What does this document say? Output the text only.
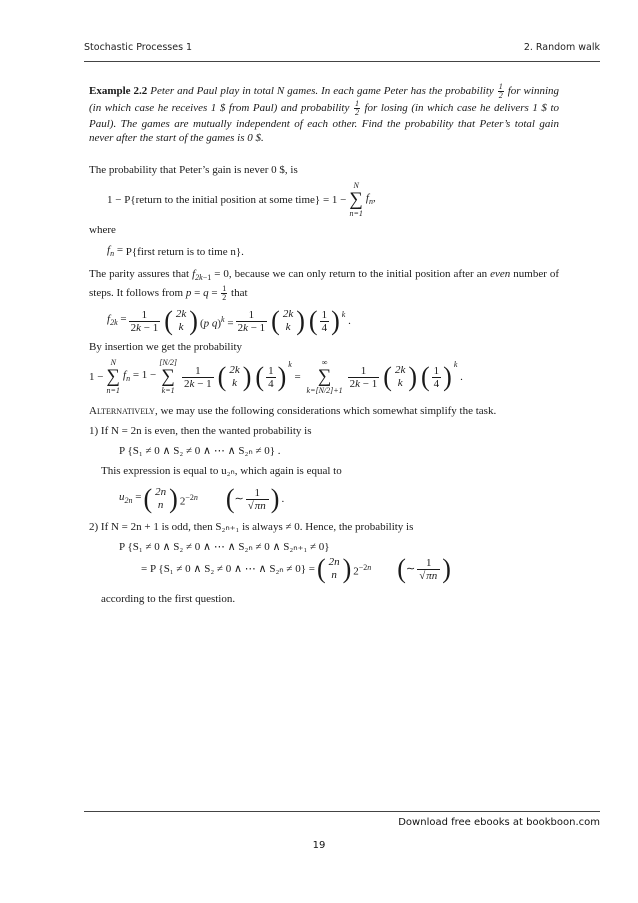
Stochastic Processes 1	2. Random walk

Example 2.2 Peter and Paul play in total N games. In each game Peter has the probability $\frac{1}{2}$ for winning (in which case he receives 1 $ from Paul) and probability $\frac{1}{2}$ for losing (in which case he delivers 1 $ to Paul). The games are mutually independent of each other. Find the probability that Peter’s total gain never after the start of the games is 0 $.

The probability that Peter’s gain is never 0 $, is

1 − P{return to the initial position at some time} = 1 −
N
∑
n=1
$f_n$,

where

$f_n$ = P{first return is to time n}.

The parity assures that $f_{2k-1} = 0$, because we can only return to the initial position after an even number of steps. It follows from $p = q = \frac{1}{2}$ that

$f_{2k} = \frac{1}{2k - 1}$ ( 2k
k ) (p $q)^k = \frac{1}{2k - 1}$ ( 2k
k ) ( $\frac{1}{4}$ ) $^k$
.

By insertion we get the probability

1 −
N
∑
n=1
$f_n = 1$ −
[N/2]
∑
k=1
$\frac{1}{2k - 1}$ ( 2k
k ) ( $\frac{1}{4}$ ) $^k$
=
∞
∑
k=[N/2]+1
$\frac{1}{2k - 1}$ ( 2k
k ) ( $\frac{1}{4}$ ) $^k$
.

Alternatively, we may use the following considerations which somewhat simplify the task.

1) If N = 2n is even, then the wanted probability is

P {S₁ ≠ 0 ∧ S₂ ≠ 0 ∧ ⋯ ∧ S₂ₙ ≠ 0} .

This expression is equal to u₂ₙ, which again is equal to

$u_{2n}$ = ( 2n
n ) $2^{-2n}$ ( ∼ $\frac{1}{√\pi n}$ ) .

2) If N = 2n + 1 is odd, then S₂ₙ₊₁ is always ≠ 0. Hence, the probability is

P {S₁ ≠ 0 ∧ S₂ ≠ 0 ∧ ⋯ ∧ S₂ₙ ≠ 0 ∧ S₂ₙ₊₁ ≠ 0}
= P {S₁ ≠ 0 ∧ S₂ ≠ 0 ∧ ⋯ ∧ S₂ₙ ≠ 0} = ( 2n
n ) $2^{-2n}$ ( ∼ $\frac{1}{√\pi n}$ )

according to the first question.

Download free ebooks at bookboon.com
19
